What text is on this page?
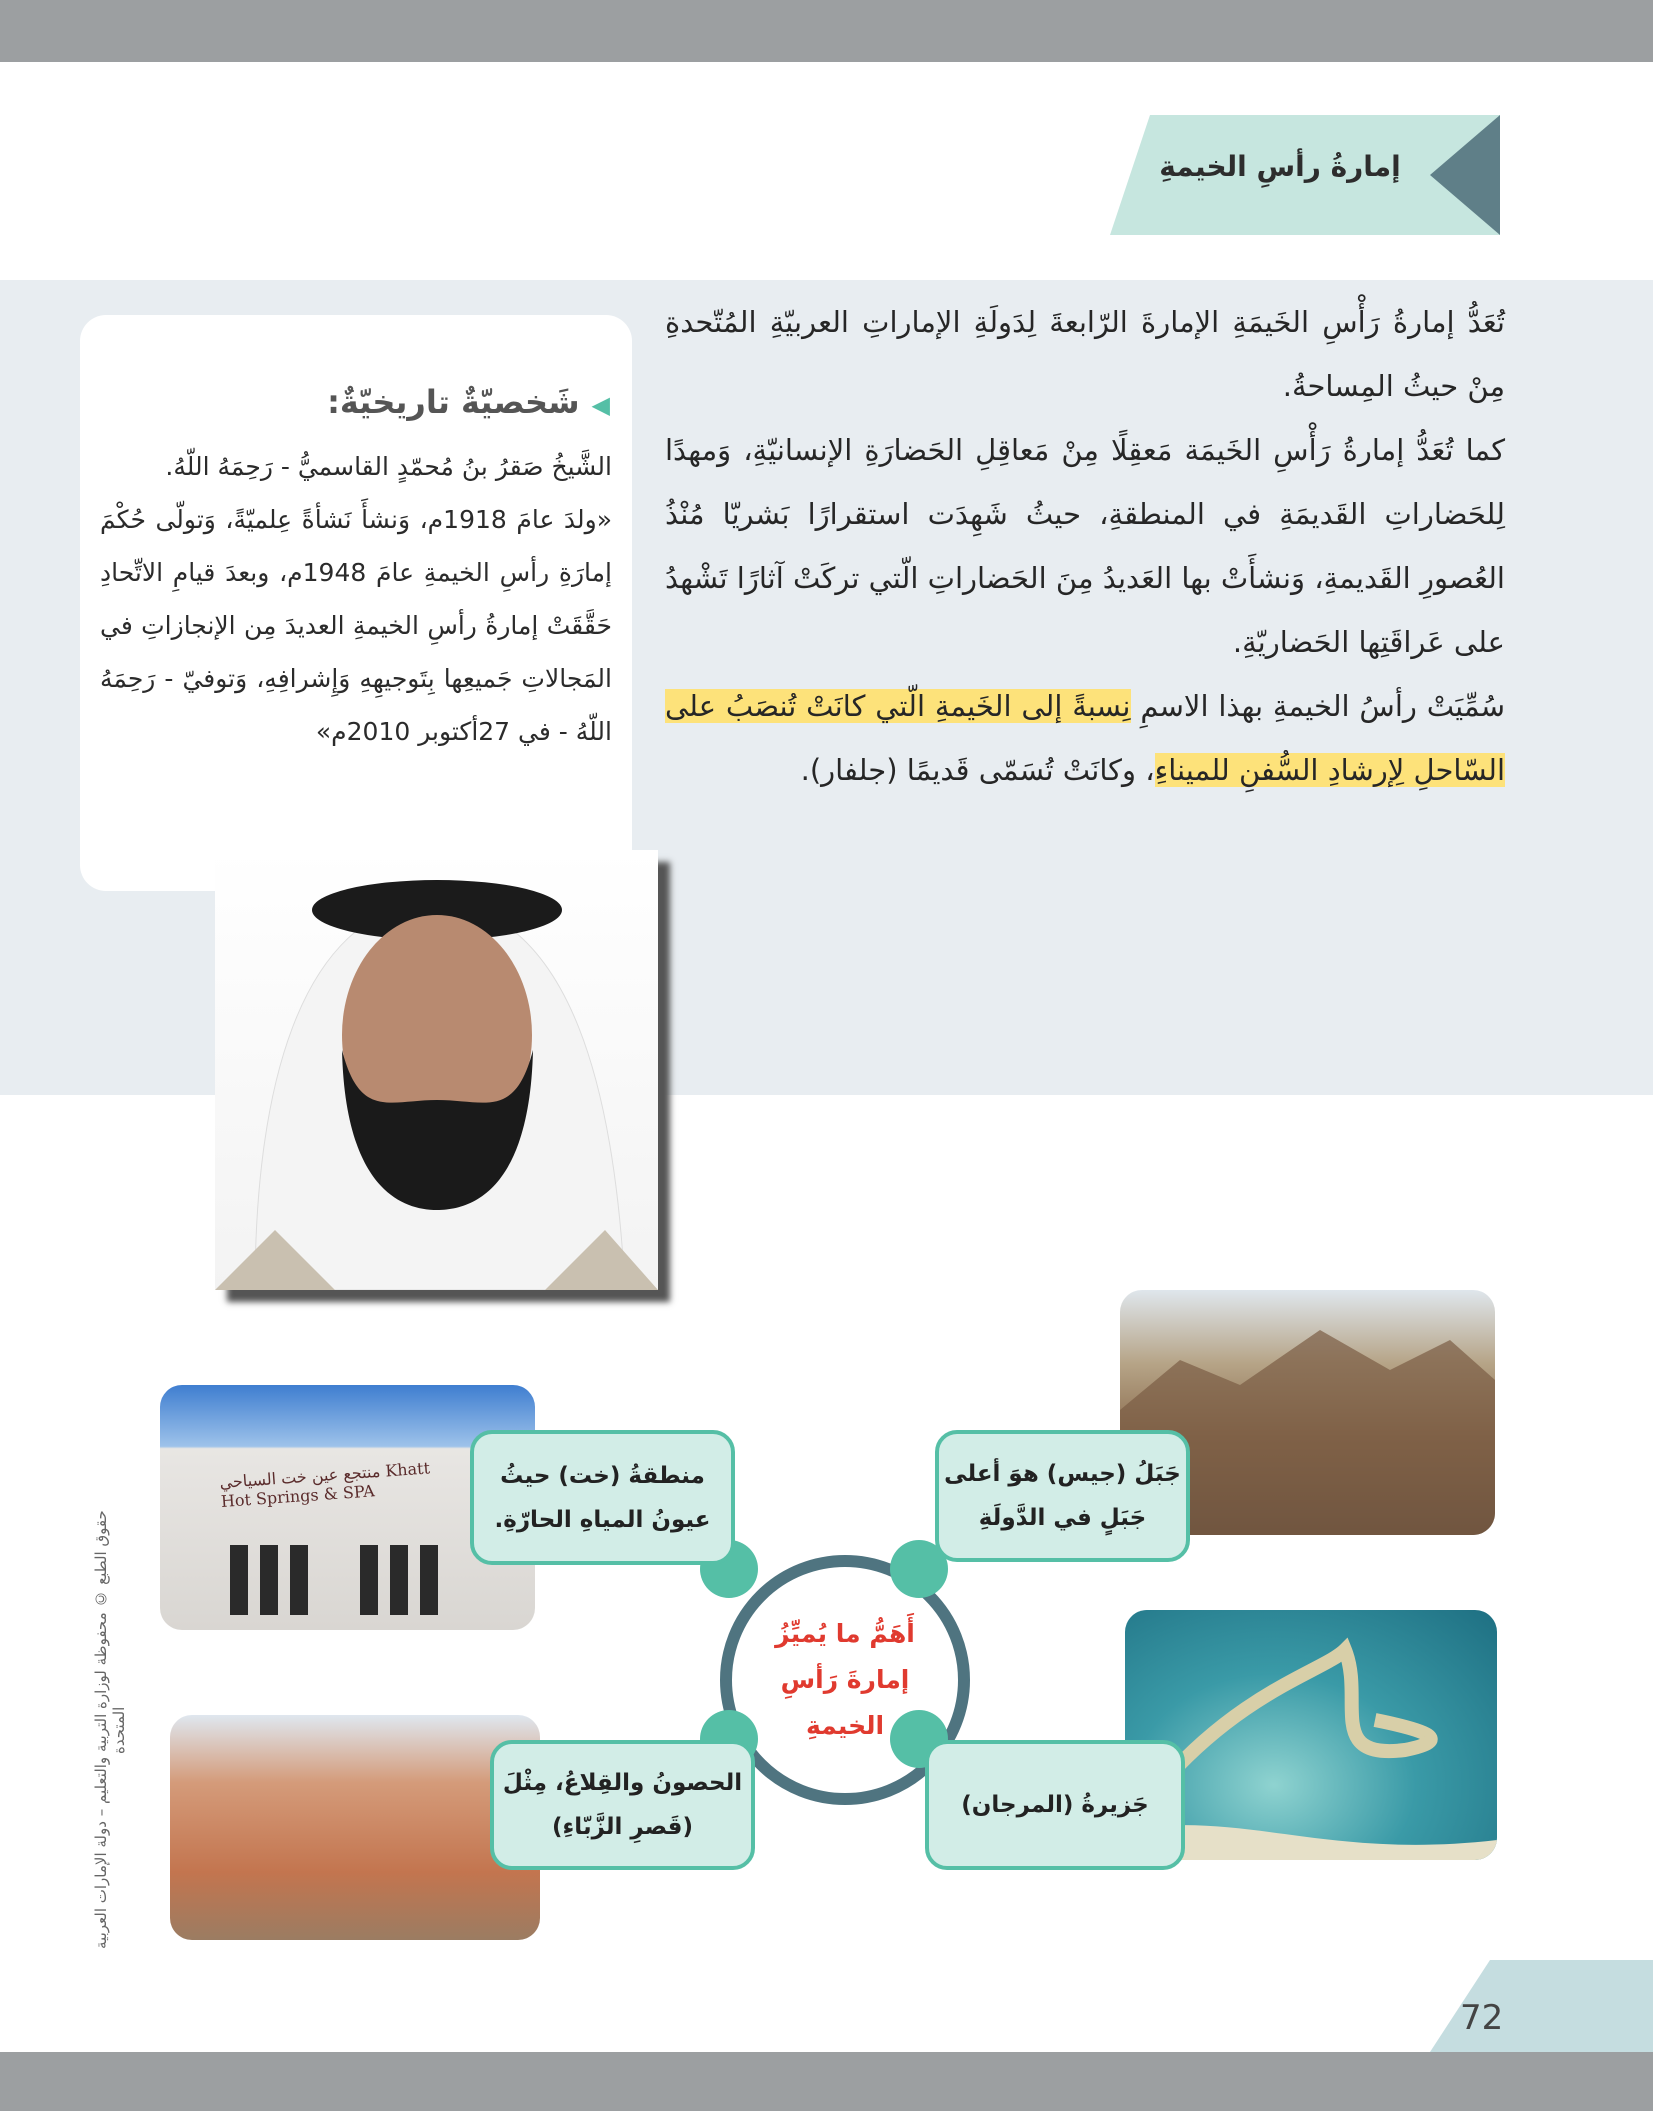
إمارةُ رأسِ الخيمةِ

تُعَدُّ إمارةُ رَأْسِ الخَيمَةِ الإمارةَ الرّابعةَ لِدَولَةِ الإماراتِ العربيّةِ المُتّحدةِ مِنْ حيثُ المِساحةُ.

كما تُعَدُّ إمارةُ رَأْسِ الخَيمَة مَعقِلًا مِنْ مَعاقِلِ الحَضارَةِ الإنسانيّةِ، وَمهدًا لِلحَضاراتِ القَديمَةِ في المنطقةِ، حيثُ شَهِدَت استقرارًا بَشريّا مُنْذُ العُصورِ القَديمةِ، وَنشأَتْ بها العَديدُ مِنَ الحَضاراتِ الّتي تركَتْ آثارًا تَشْهدُ على عَراقَتِها الحَضاريّةِ.

سُمِّيَتْ رأسُ الخيمةِ بهذا الاسمِ نِسبةً إلى الخَيمةِ الّتي كانَتْ تُنصَبُ على السّاحلِ لِإرشادِ السُّفنِ للميناءِ، وكانَتْ تُسَمّى قَديمًا (جلفار).

◀شَخصيّةٌ تاريخيّةٌ:
الشَّيخُ صَقرُ بنُ مُحمّدٍ القاسميُّ - رَحِمَهُ اللّهُ.
«ولدَ عامَ 1918م، وَنشأَ نَشأةً عِلميّةً، وَتولّى حُكْمَ إمارَةِ رأسِ الخيمةِ عامَ 1948م، وبعدَ قيامِ الاتِّحادِ حَقَّقَتْ إمارةُ رأسِ الخيمةِ العديدَ مِن الإنجازاتِ في المَجالاتِ جَميعِها بِتَوجيهِهِ وَإِشرافِهِ، وَتوفيّ - رَحِمَهُ اللّهُ - في 27أكتوبر 2010م»
منتجع عين خت السياحي Khatt Hot Springs & SPA
أَهَمُّ ما يُميِّزُ إمارةَ رَأسِ الخيمةِ
جَبَلُ (جيس) هوَ أعلى جَبَلٍ في الدَّولَةِ
منطقةُ (خت) حيثُ عيونُ المياهِ الحارّةِ.
جَزيرةُ (المرجان)
الحصونُ والقِلاعُ، مِثْلَ (قَصرِ الزَّبّاءِ)
حقوق الطبع © محفوظة لوزارة التربية والتعليم – دولة الإمارات العربية المتحدة
72
